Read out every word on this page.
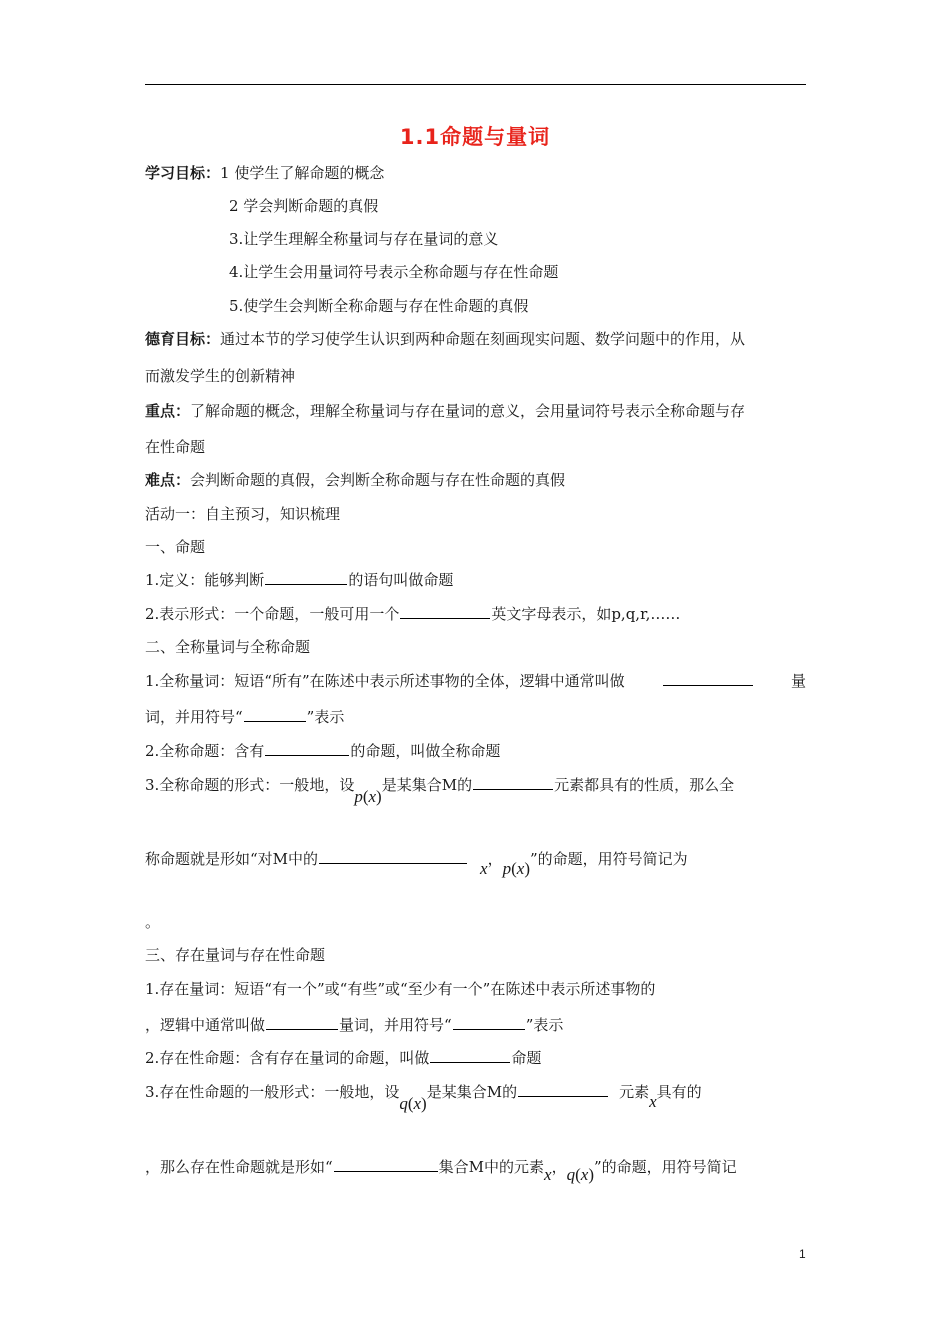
1.1命题与量词
学习目标：1 使学生了解命题的概念
2 学会判断命题的真假
3.让学生理解全称量词与存在量词的意义
4.让学生会用量词符号表示全称命题与存在性命题
5.使学生会判断全称命题与存在性命题的真假
德育目标：通过本节的学习使学生认识到两种命题在刻画现实问题、数学问题中的作用，从
而激发学生的创新精神
重点：了解命题的概念，理解全称量词与存在量词的意义，会用量词符号表示全称命题与存
在性命题
难点：会判断命题的真假，会判断全称命题与存在性命题的真假
活动一：自主预习，知识梳理
一、命题
1.定义：能够判断	的语句叫做命题
2.表示形式：一个命题，一般可用一个	英文字母表示，如p,q,r,……
二、全称量词与全称命题
1.全称量词：短语“所有”在陈述中表示所述事物的全体，逻辑中通常叫做	量
词，并用符号“	”表示
2.全称命题：含有	的命题，叫做全称命题
3.全称命题的形式：一般地，设p(x)是某集合M的	元素都具有的性质，那么全
称命题就是形如“对M中的	x，p(x)”的命题，用符号简记为
。
三、存在量词与存在性命题
1.存在量词：短语“有一个”或“有些”或“至少有一个”在陈述中表示所述事物的
，逻辑中通常叫做	量词，并用符号“	”表示
2.存在性命题：含有存在量词的命题，叫做	命题
3.存在性命题的一般形式：一般地，设q(x)是某集合M的	元素x具有的
，那么存在性命题就是形如“	集合M中的元素x，q(x)”的命题，用符号简记
1
